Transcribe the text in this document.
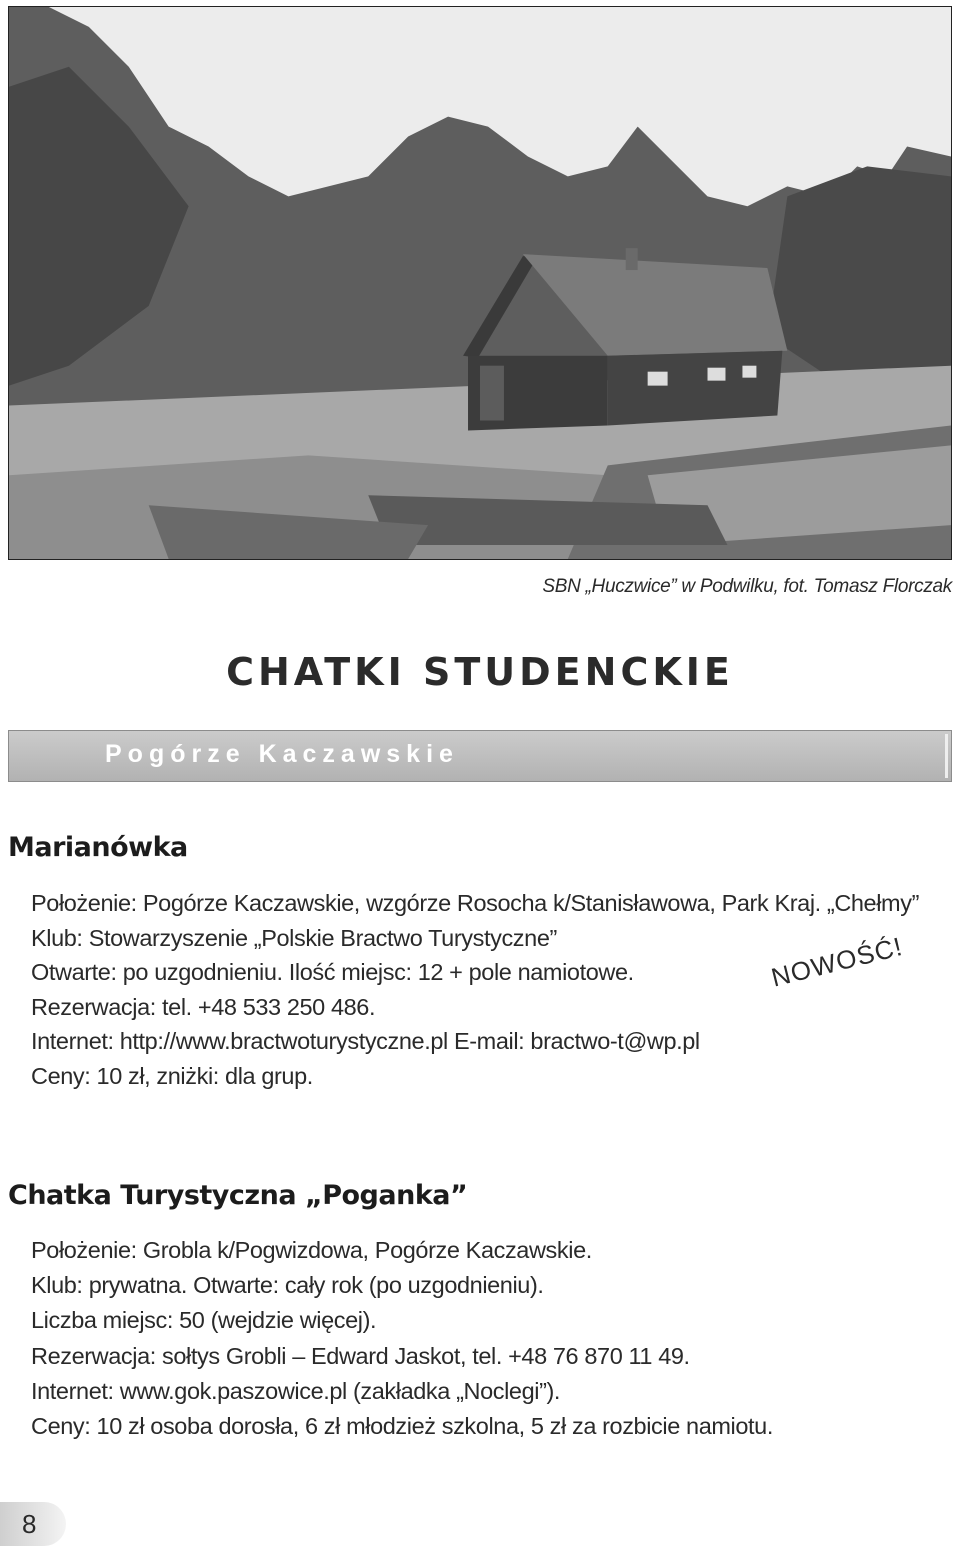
SBN „Huczwice” w Podwilku, fot. Tomasz Florczak
CHATKI STUDENCKIE
Pogórze Kaczawskie
Marianówka
Położenie: Pogórze Kaczawskie, wzgórze Rosocha k/Stanisławowa, Park Kraj. „Chełmy”
Klub: Stowarzyszenie „Polskie Bractwo Turystyczne”
Otwarte: po uzgodnieniu. Ilość miejsc: 12 + pole namiotowe.
Rezerwacja: tel. +48 533 250 486.
Internet: http://www.bractwoturystyczne.pl E-mail: bractwo-t@wp.pl
Ceny: 10 zł, zniżki: dla grup.
NOWOŚĆ!
Chatka Turystyczna „Poganka”
Położenie: Grobla k/Pogwizdowa, Pogórze Kaczawskie.
Klub: prywatna. Otwarte: cały rok (po uzgodnieniu).
Liczba miejsc: 50 (wejdzie więcej).
Rezerwacja: sołtys Grobli – Edward Jaskot, tel. +48 76 870 11 49.
Internet: www.gok.paszowice.pl (zakładka „Noclegi”).
Ceny: 10 zł osoba dorosła, 6 zł młodzież szkolna, 5 zł za rozbicie namiotu.
8
